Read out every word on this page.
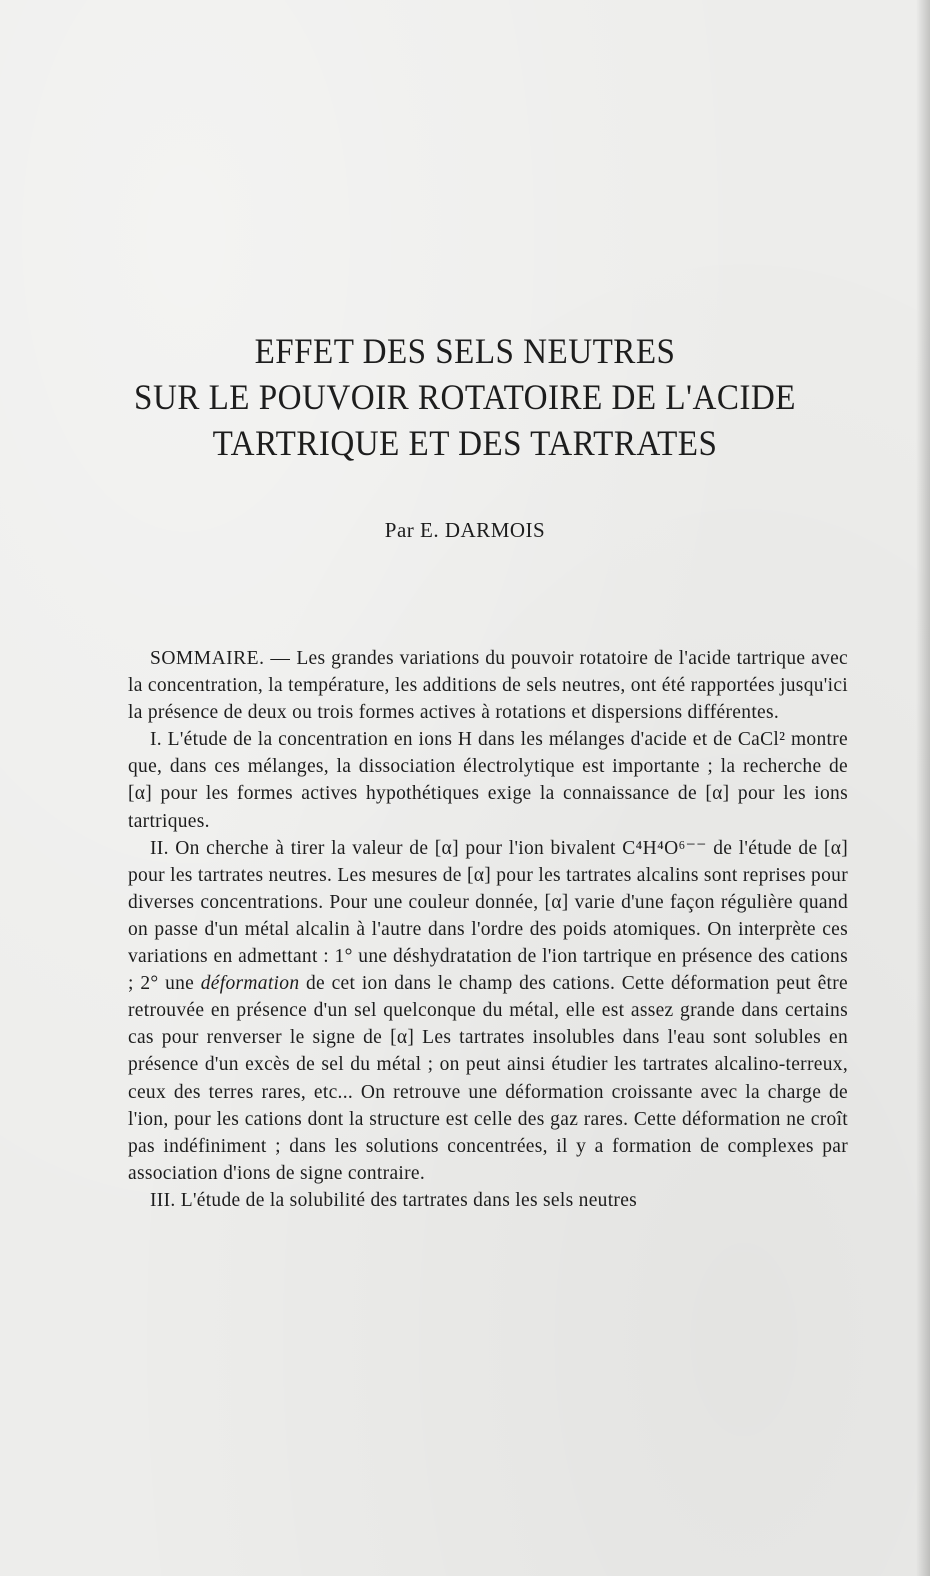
EFFET DES SELS NEUTRES
SUR LE POUVOIR ROTATOIRE DE L'ACIDE
TARTRIQUE ET DES TARTRATES
Par E. DARMOIS

SOMMAIRE. — Les grandes variations du pouvoir rotatoire de l'acide tartrique avec la concentration, la température, les additions de sels neutres, ont été rapportées jusqu'ici la présence de deux ou trois formes actives à rotations et dispersions différentes.

I. L'étude de la concentration en ions H dans les mélanges d'acide et de CaCl² montre que, dans ces mélanges, la dissociation électrolytique est importante ; la recherche de [α] pour les formes actives hypothétiques exige la connaissance de [α] pour les ions tartriques.

II. On cherche à tirer la valeur de [α] pour l'ion bivalent C⁴H⁴O⁶⁻⁻ de l'étude de [α] pour les tartrates neutres. Les mesures de [α] pour les tartrates alcalins sont reprises pour diverses concentrations. Pour une couleur donnée, [α] varie d'une façon régulière quand on passe d'un métal alcalin à l'autre dans l'ordre des poids atomiques. On interprète ces variations en admettant : 1° une déshydratation de l'ion tartrique en présence des cations ; 2° une déformation de cet ion dans le champ des cations. Cette déformation peut être retrouvée en présence d'un sel quelconque du métal, elle est assez grande dans certains cas pour renverser le signe de [α] Les tartrates insolubles dans l'eau sont solubles en présence d'un excès de sel du métal ; on peut ainsi étudier les tartrates alcalino-terreux, ceux des terres rares, etc... On retrouve une déformation croissante avec la charge de l'ion, pour les cations dont la structure est celle des gaz rares. Cette déformation ne croît pas indéfiniment ; dans les solutions concentrées, il y a formation de complexes par association d'ions de signe contraire.

III. L'étude de la solubilité des tartrates dans les sels neutres
